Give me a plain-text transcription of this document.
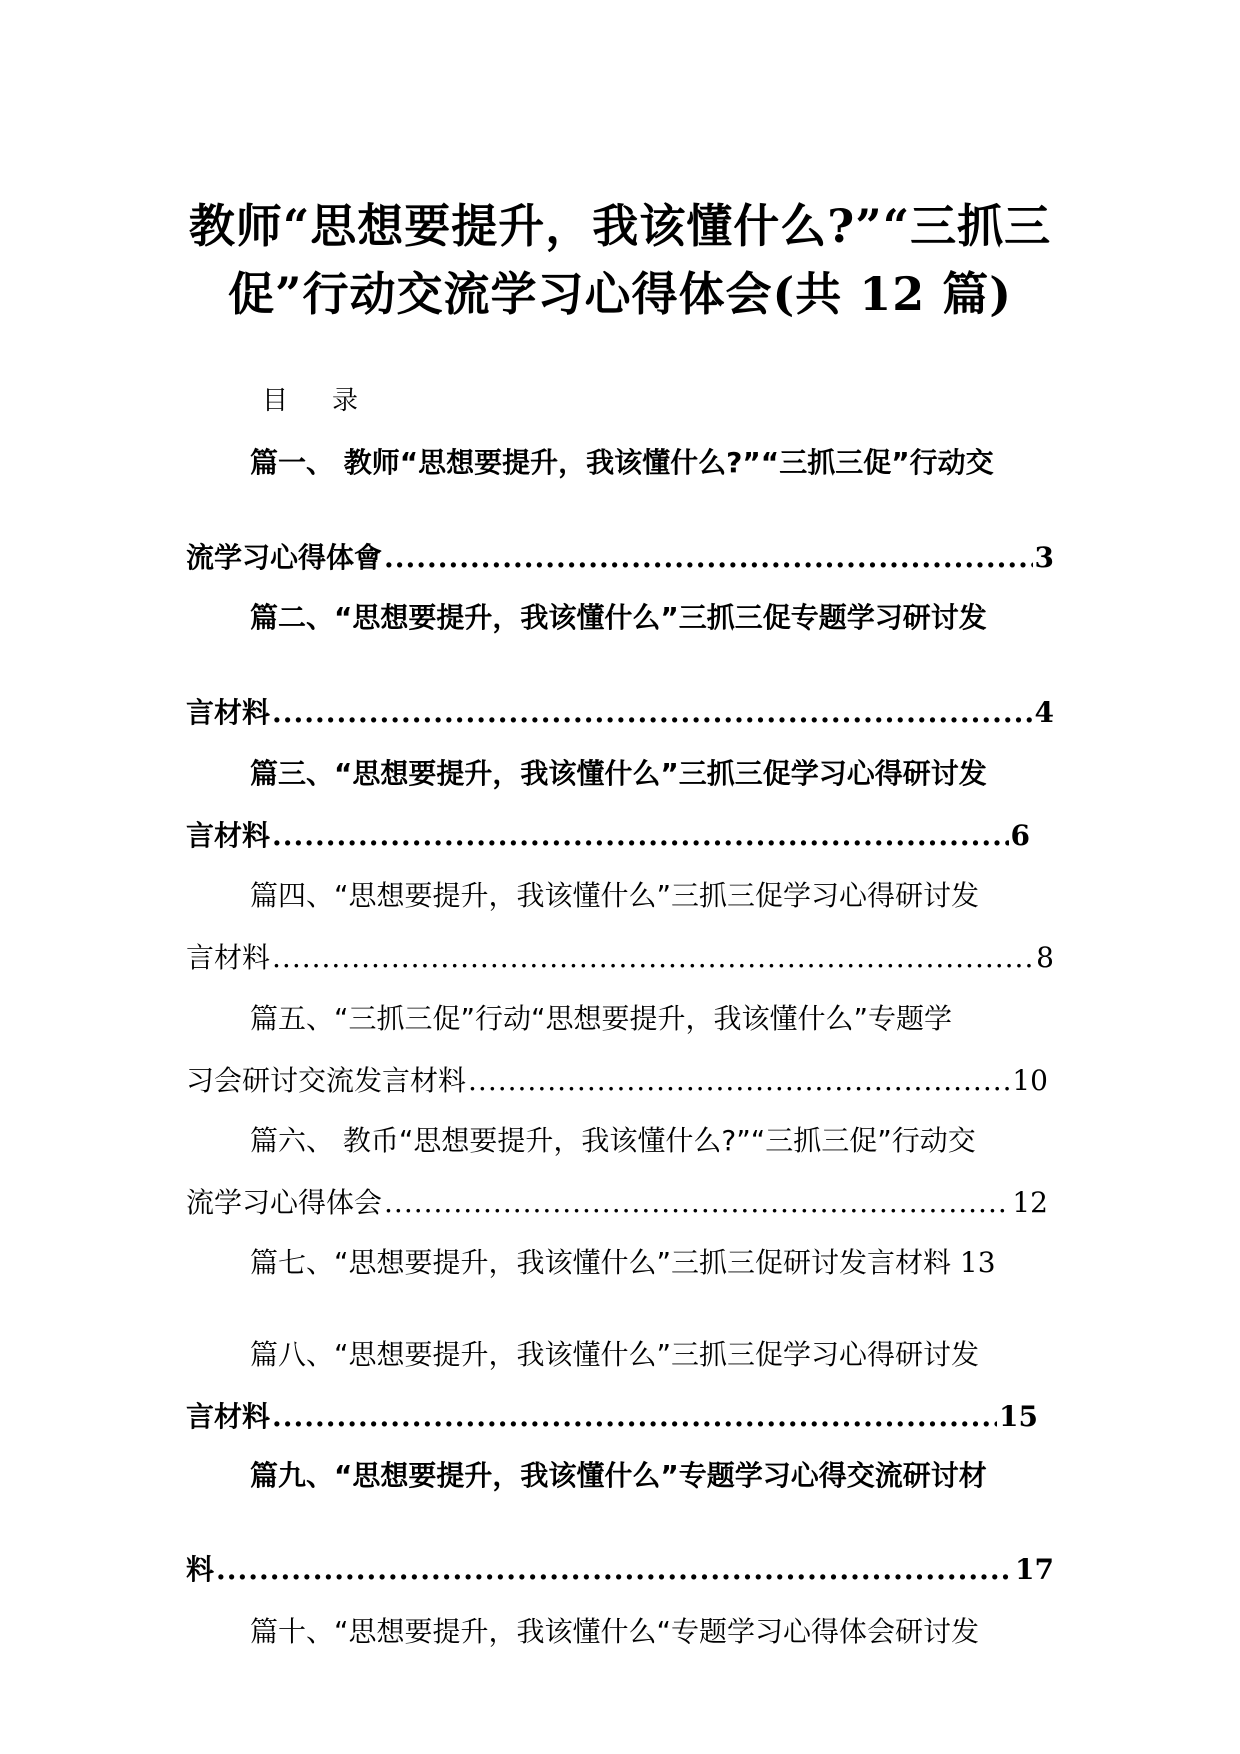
教师“思想要提升，我该懂什么?”“三抓三
促”行动交流学习心得体会(共 12 篇)
目 录
篇一、 教师“思想要提升，我该懂什么?”“三抓三促”行动交
流学习心得体會 .....	3
篇二、“思想要提升，我该懂什么”三抓三促专题学习研讨发
言材料 .....	4
篇三、“思想要提升，我该懂什么”三抓三促学习心得研讨发
言材料 .....	6
篇四、“思想要提升，我该懂什么”三抓三促学习心得研讨发
言材料 .....	8
篇五、“三抓三促”行动“思想要提升，我该懂什么”专题学
习会研讨交流发言材料 .....	10
篇六、 教币“思想要提升，我该懂什么?”“三抓三促”行动交
流学习心得体会 .....	12
篇七、“思想要提升，我该懂什么”三抓三促研讨发言材料 13
篇八、“思想要提升，我该懂什么”三抓三促学习心得研讨发
言材料 .....	15
篇九、“思想要提升，我该懂什么”专题学习心得交流研讨材
料 .....	17
篇十、“思想要提升，我该懂什么“专题学习心得体会研讨发
